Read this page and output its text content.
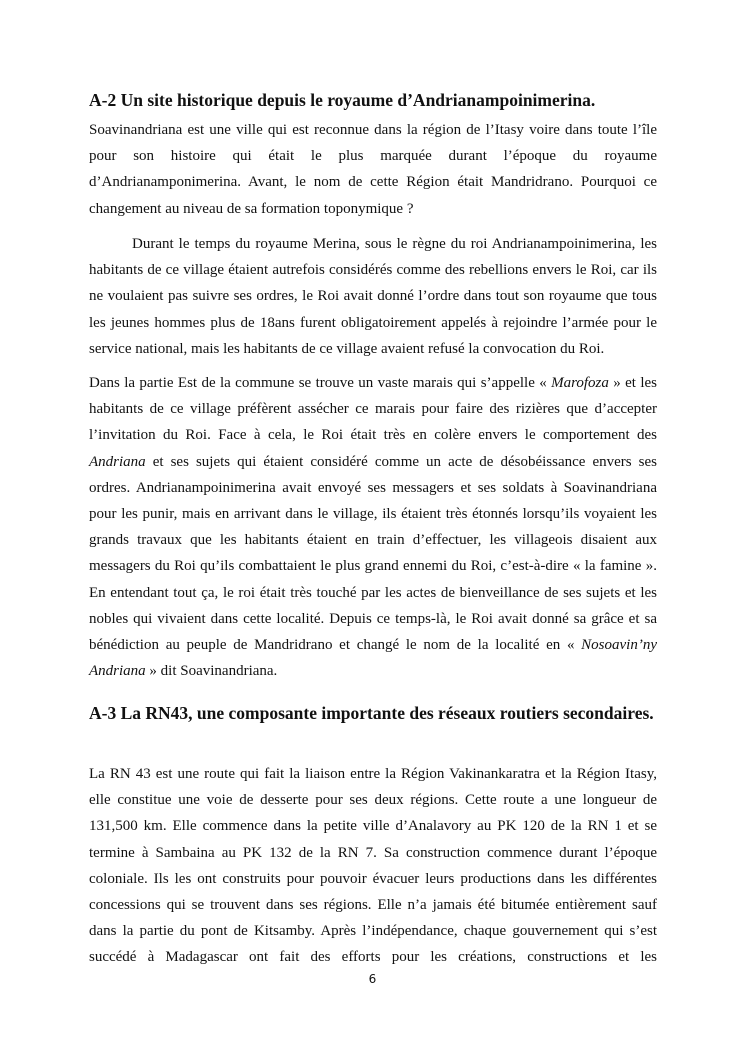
A-2 Un site historique depuis le royaume d’Andrianampoinimerina.
Soavinandriana est une ville qui est reconnue dans la région de l’Itasy voire dans toute l’île
pour son histoire qui était le plus marquée durant l’époque du royaume
d’Andrianamponimerina. Avant, le nom de cette Région était Mandridrano. Pourquoi ce
changement au niveau de sa formation toponymique ?
Durant le temps du royaume Merina, sous le règne du roi Andrianampoinimerina, les
habitants de ce village étaient autrefois considérés comme des rebellions envers le Roi, car ils
ne voulaient pas suivre ses ordres, le Roi avait donné l’ordre dans tout son royaume que tous
les jeunes hommes plus de 18ans furent obligatoirement appelés à rejoindre l’armée pour le
service national, mais les habitants de ce village avaient refusé la convocation du Roi.
Dans la partie Est de la commune se trouve un vaste marais qui s’appelle « Marofoza » et les
habitants de ce village préfèrent assécher ce marais pour faire des rizières que d’accepter
l’invitation du Roi. Face à cela, le Roi était très en colère envers le comportement des
Andriana et ses sujets qui étaient considéré comme un acte de désobéissance envers ses
ordres. Andrianampoinimerina avait envoyé ses messagers et ses soldats à Soavinandriana
pour les punir, mais en arrivant dans le village, ils étaient très étonnés lorsqu’ils voyaient les
grands travaux que les habitants étaient en train d’effectuer, les villageois disaient aux
messagers du Roi qu’ils combattaient le plus grand ennemi du Roi, c’est-à-dire « la famine ».
En entendant tout ça, le roi était très touché par les actes de bienveillance de ses sujets et les
nobles qui vivaient dans cette localité. Depuis ce temps-là, le Roi avait donné sa grâce et sa
bénédiction au peuple de Mandridrano et changé le nom de la localité en « Nosoavin’ny
Andriana » dit Soavinandriana.
A-3 La RN43, une composante importante des réseaux routiers secondaires.
La RN 43 est une route qui fait la liaison entre la Région Vakinankaratra et la Région Itasy,
elle constitue une voie de desserte pour ses deux régions. Cette route a une longueur de
131,500 km. Elle commence dans la petite ville d’Analavory au PK 120 de la RN 1 et se
termine à Sambaina au PK 132 de la RN 7. Sa construction commence durant l’époque
coloniale. Ils les ont construits pour pouvoir évacuer leurs productions dans les différentes
concessions qui se trouvent dans ses régions. Elle n’a jamais été bitumée entièrement sauf
dans la partie du pont de Kitsamby. Après l’indépendance, chaque gouvernement qui s’est
succédé à Madagascar ont fait des efforts pour les créations, constructions et les
6
